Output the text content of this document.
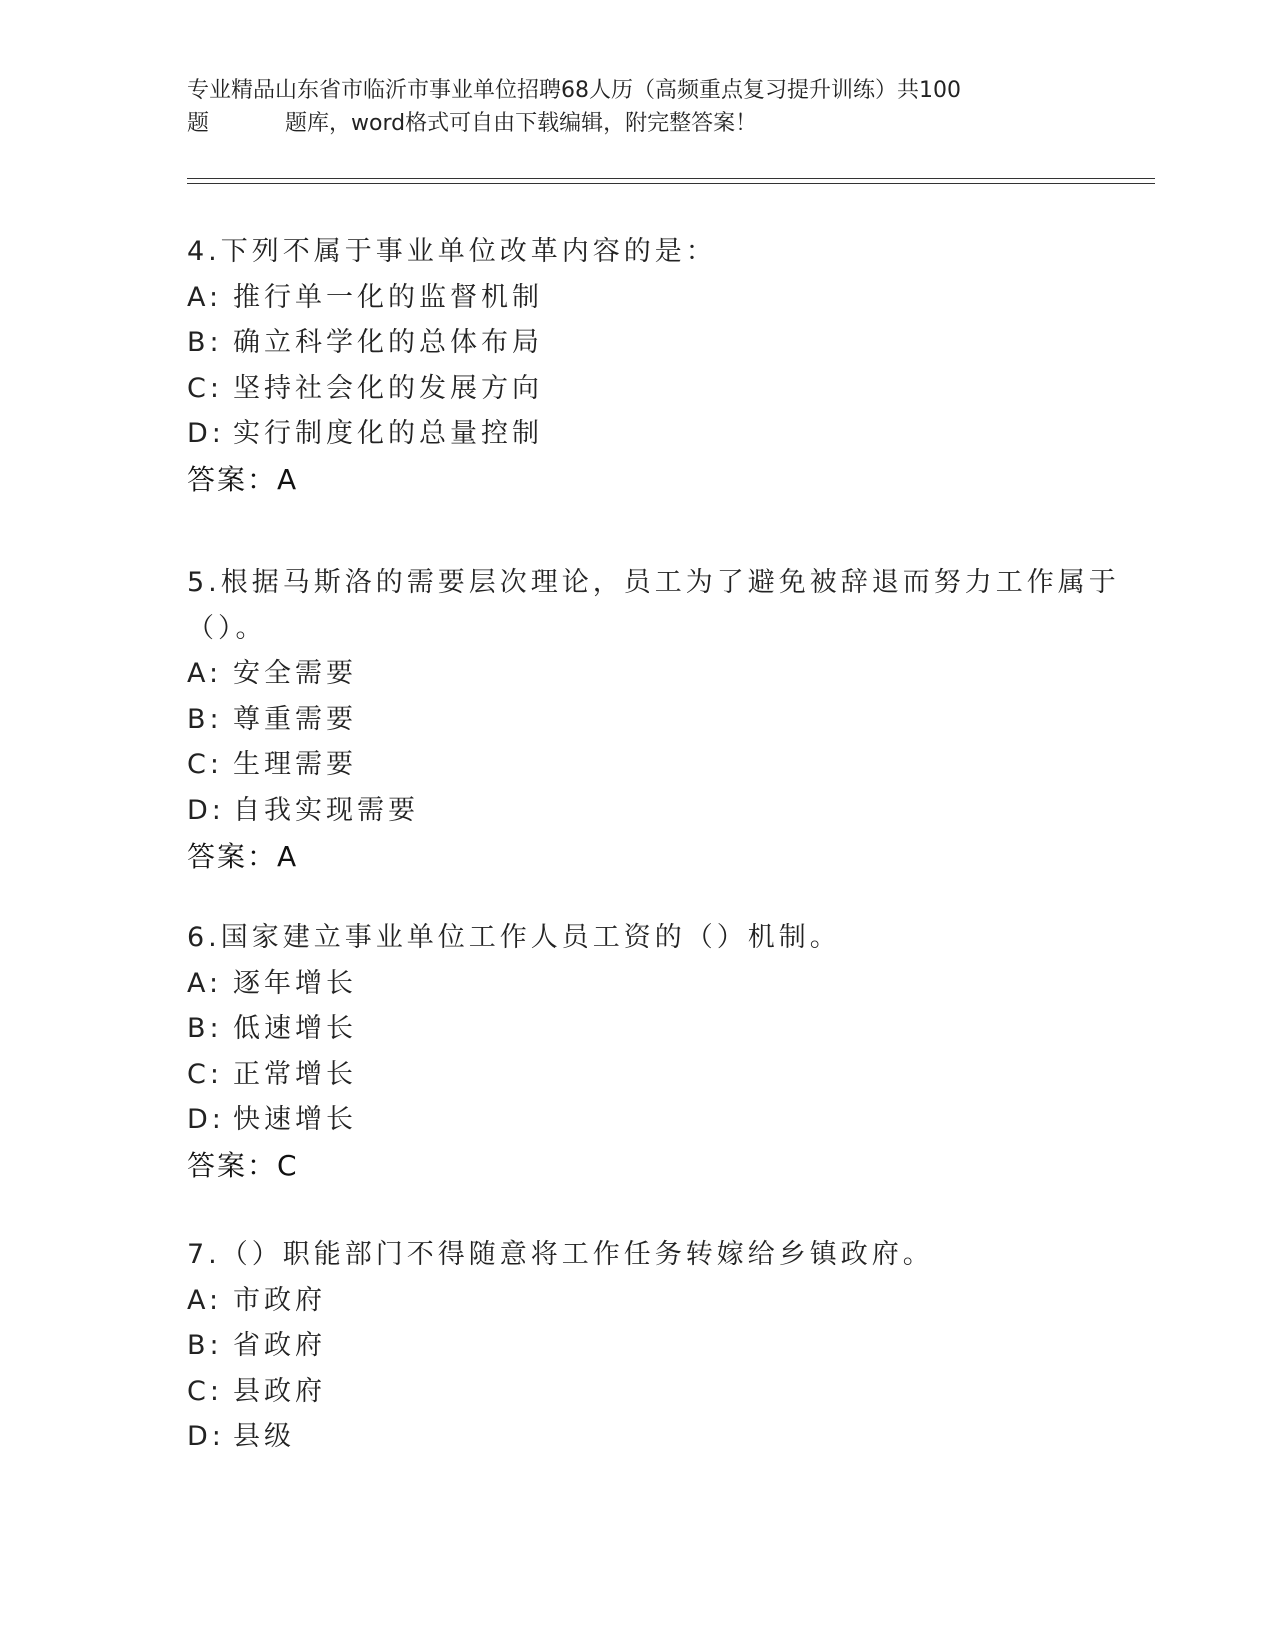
专业精品山东省市临沂市事业单位招聘68人历（高频重点复习提升训练）共100
题	题库，word格式可自由下载编辑，附完整答案！
4.下列不属于事业单位改革内容的是：
A: 推行单一化的监督机制
B: 确立科学化的总体布局
C: 坚持社会化的发展方向
D: 实行制度化的总量控制
答案：A
5.根据马斯洛的需要层次理论，员工为了避免被辞退而努力工作属于
（）。
A: 安全需要
B: 尊重需要
C: 生理需要
D: 自我实现需要
答案：A
6.国家建立事业单位工作人员工资的（）机制。
A: 逐年增长
B: 低速增长
C: 正常增长
D: 快速增长
答案：C
7.（）职能部门不得随意将工作任务转嫁给乡镇政府。
A: 市政府
B: 省政府
C: 县政府
D: 县级
